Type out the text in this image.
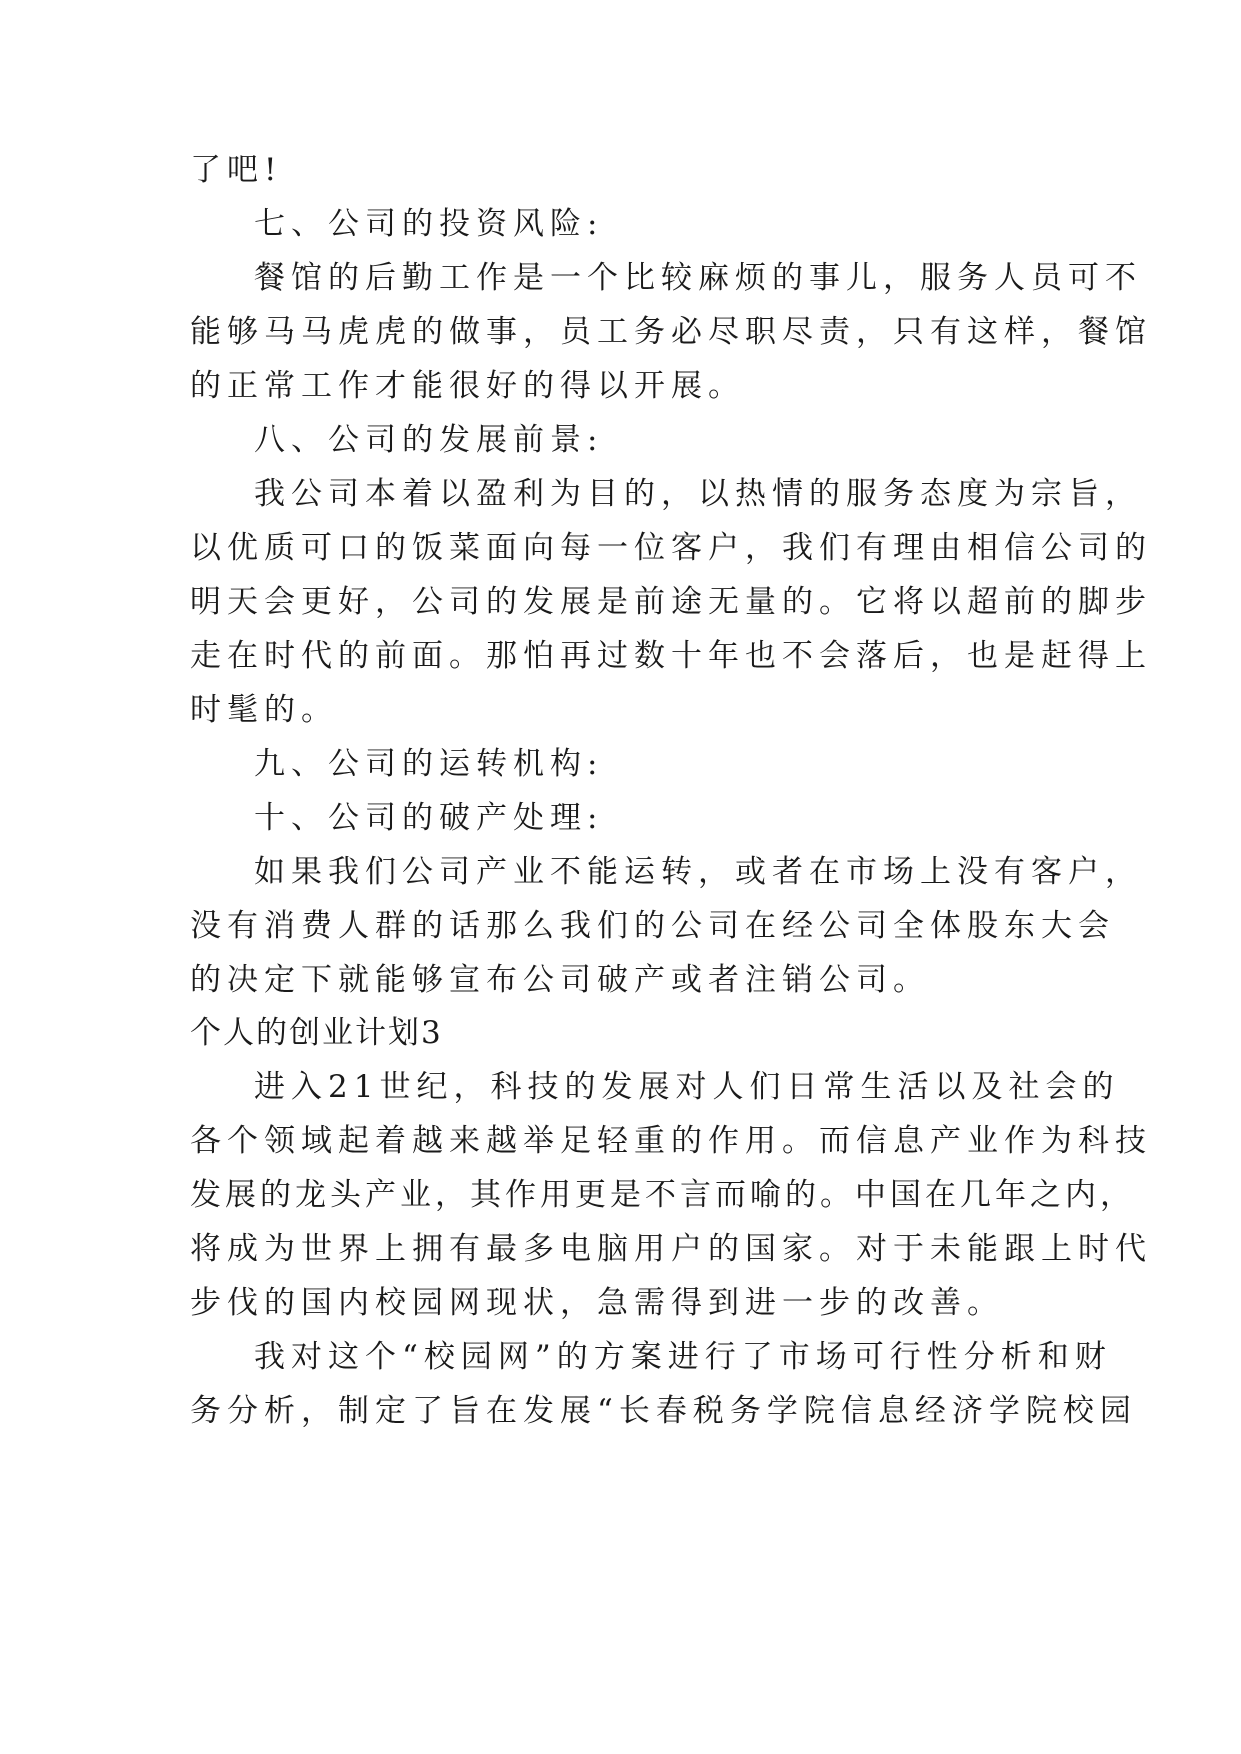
了吧!
七、公司的投资风险:
餐馆的后勤工作是一个比较麻烦的事儿，服务人员可不
能够马马虎虎的做事，员工务必尽职尽责，只有这样，餐馆
的正常工作才能很好的得以开展。
八、公司的发展前景:
我公司本着以盈利为目的，以热情的服务态度为宗旨，
以优质可口的饭菜面向每一位客户，我们有理由相信公司的
明天会更好，公司的发展是前途无量的。它将以超前的脚步
走在时代的前面。那怕再过数十年也不会落后，也是赶得上
时髦的。
九、公司的运转机构:
十、公司的破产处理:
如果我们公司产业不能运转，或者在市场上没有客户，
没有消费人群的话那么我们的公司在经公司全体股东大会
的决定下就能够宣布公司破产或者注销公司。
个人的创业计划3
进入21世纪，科技的发展对人们日常生活以及社会的
各个领域起着越来越举足轻重的作用。而信息产业作为科技
发展的龙头产业，其作用更是不言而喻的。中国在几年之内，
将成为世界上拥有最多电脑用户的国家。对于未能跟上时代
步伐的国内校园网现状，急需得到进一步的改善。
我对这个“校园网”的方案进行了市场可行性分析和财
务分析，制定了旨在发展“长春税务学院信息经济学院校园
